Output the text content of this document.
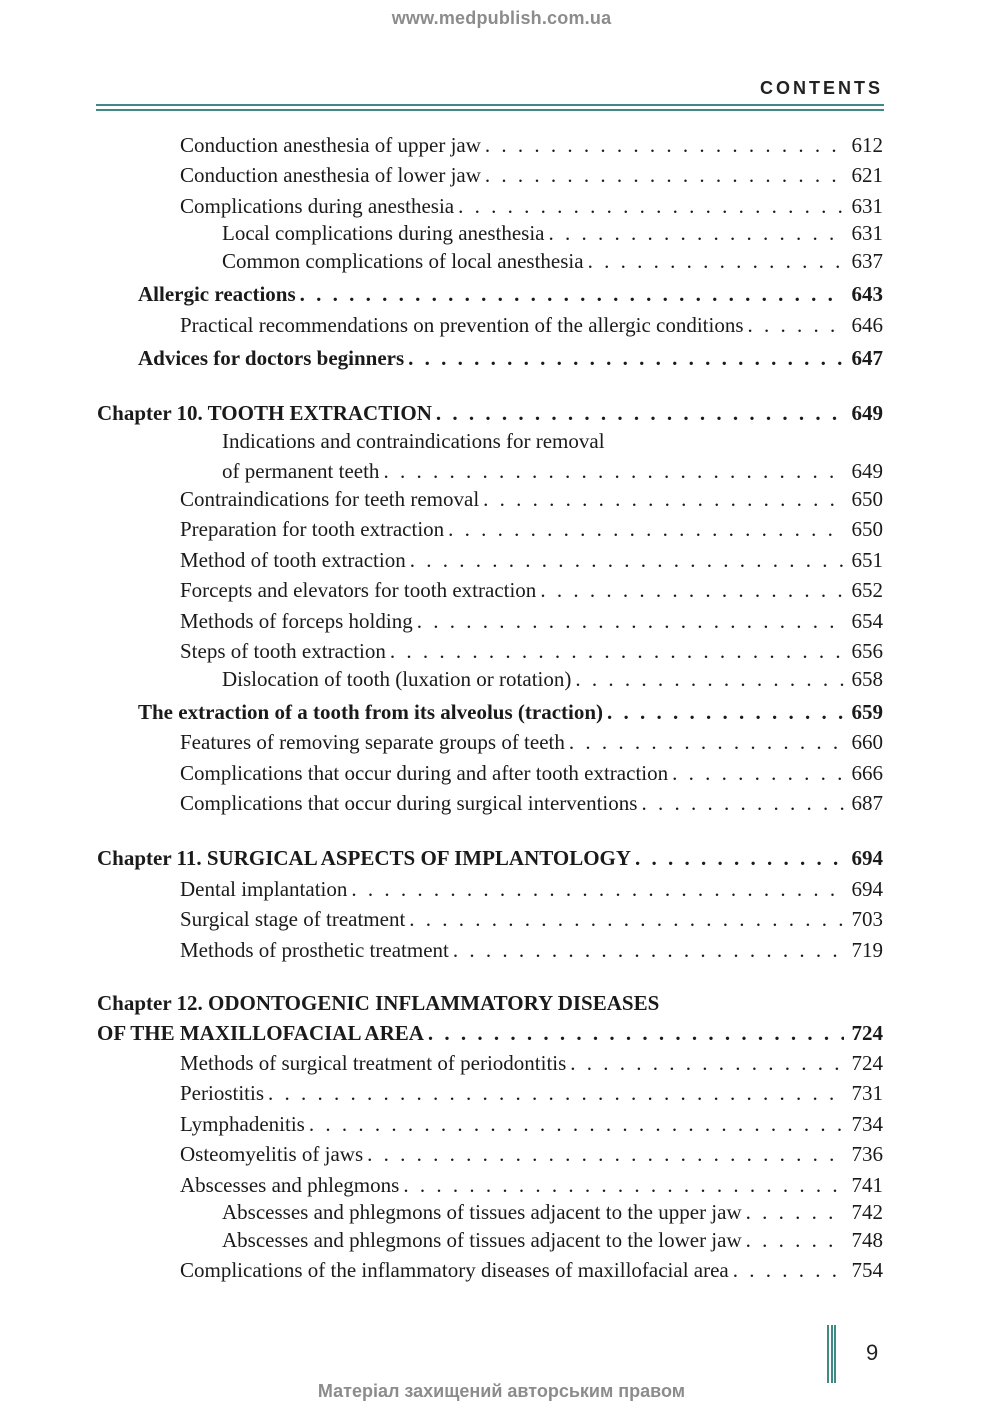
www.medpublish.com.ua
CONTENTS
Conduction anesthesia of upper jaw . . .	612
Conduction anesthesia of lower jaw . . .	621
Complications during anesthesia . . .	631
Local complications during anesthesia . . .	631
Common complications of local anesthesia . . .	637
Allergic reactions . . .	643
Practical recommendations on prevention of the allergic conditions . . .	646
Advices for doctors beginners . . .	647
Chapter 10. TOOTH EXTRACTION . . .	649
Indications and contraindications for removal
of permanent teeth . . .	649
Contraindications for teeth removal . . .	650
Preparation for tooth extraction . . .	650
Method of tooth extraction . . .	651
Forcepts and elevators for tooth extraction . . .	652
Methods of forceps holding . . .	654
Steps of tooth extraction . . .	656
Dislocation of tooth (luxation or rotation) . . .	658
The extraction of a tooth from its alveolus (traction) . . .	659
Features of removing separate groups of teeth . . .	660
Complications that occur during and after tooth extraction . . .	666
Complications that occur during surgical interventions . . .	687
Chapter 11. SURGICAL ASPECTS OF IMPLANTOLOGY . . .	694
Dental implantation . . .	694
Surgical stage of treatment . . .	703
Methods of prosthetic treatment . . .	719
Chapter 12. ODONTOGENIC INFLAMMATORY DISEASES
OF THE MAXILLOFACIAL AREA . . .	724
Methods of surgical treatment of periodontitis . . .	724
Periostitis . . .	731
Lymphadenitis . . .	734
Osteomyelitis of jaws . . .	736
Abscesses and phlegmons . . .	741
Abscesses and phlegmons of tissues adjacent to the upper jaw . . .	742
Abscesses and phlegmons of tissues adjacent to the lower jaw . . .	748
Complications of the inflammatory diseases of maxillofacial area . . .	754
9
Матеріал захищений авторським правом
